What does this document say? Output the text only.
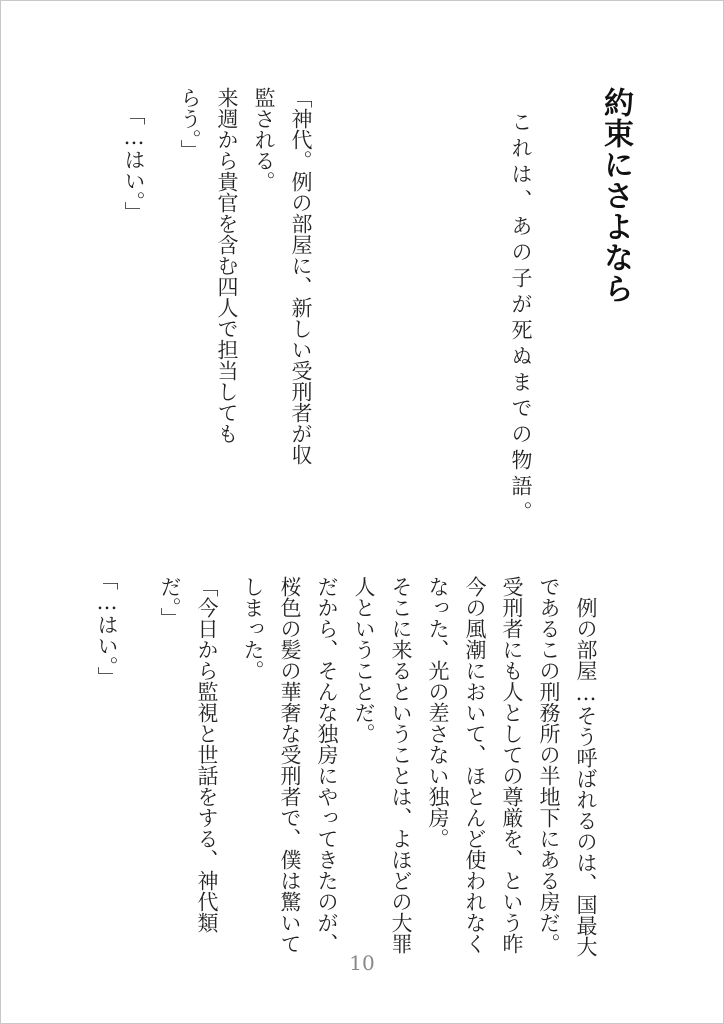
約束にさよなら
これは、あの子が死ぬまでの物語。
「神代。例の部屋に、新しい受刑者が収
監される。
来週から貴官を含む四人で担当しても
らう。」
「…はい。」
　例の部屋…そう呼ばれるのは、国最大
であるこの刑務所の半地下にある房だ。
受刑者にも人としての尊厳を、という昨
今の風潮において、ほとんど使われなく
なった、光の差さない独房。
そこに来るということは、よほどの大罪
人ということだ。
だから、そんな独房にやってきたのが、
桜色の髪の華奢な受刑者で、僕は驚いて
しまった。
「今日から監視と世話をする、神代類
だ。」
「…はい。」
10
